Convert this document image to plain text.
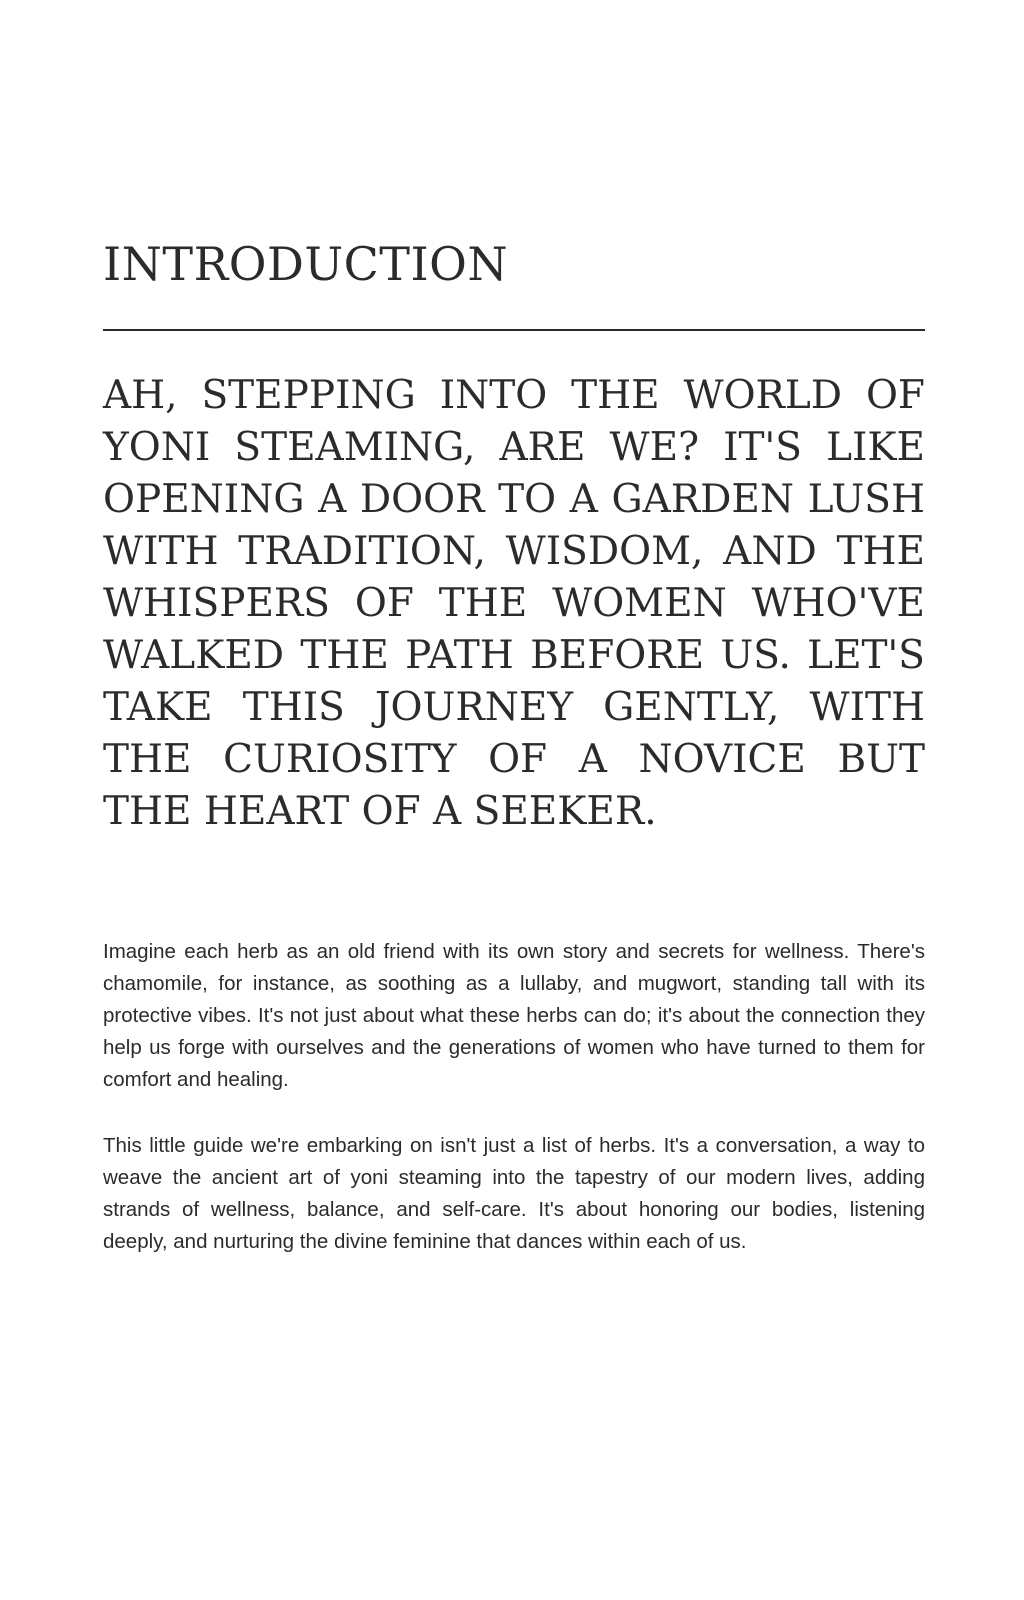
INTRODUCTION

AH, STEPPING INTO THE WORLD OF YONI STEAMING, ARE WE? IT'S LIKE OPENING A DOOR TO A GARDEN LUSH WITH TRADITION, WISDOM, AND THE WHISPERS OF THE WOMEN WHO'VE WALKED THE PATH BEFORE US. LET'S TAKE THIS JOURNEY GENTLY, WITH THE CURIOSITY OF A NOVICE BUT THE HEART OF A SEEKER.

Imagine each herb as an old friend with its own story and secrets for wellness. There's chamomile, for instance, as soothing as a lullaby, and mugwort, standing tall with its protective vibes. It's not just about what these herbs can do; it's about the connection they help us forge with ourselves and the generations of women who have turned to them for comfort and healing.

This little guide we're embarking on isn't just a list of herbs. It's a conversation, a way to weave the ancient art of yoni steaming into the tapestry of our modern lives, adding strands of wellness, balance, and self-care. It's about honoring our bodies, listening deeply, and nurturing the divine feminine that dances within each of us.
